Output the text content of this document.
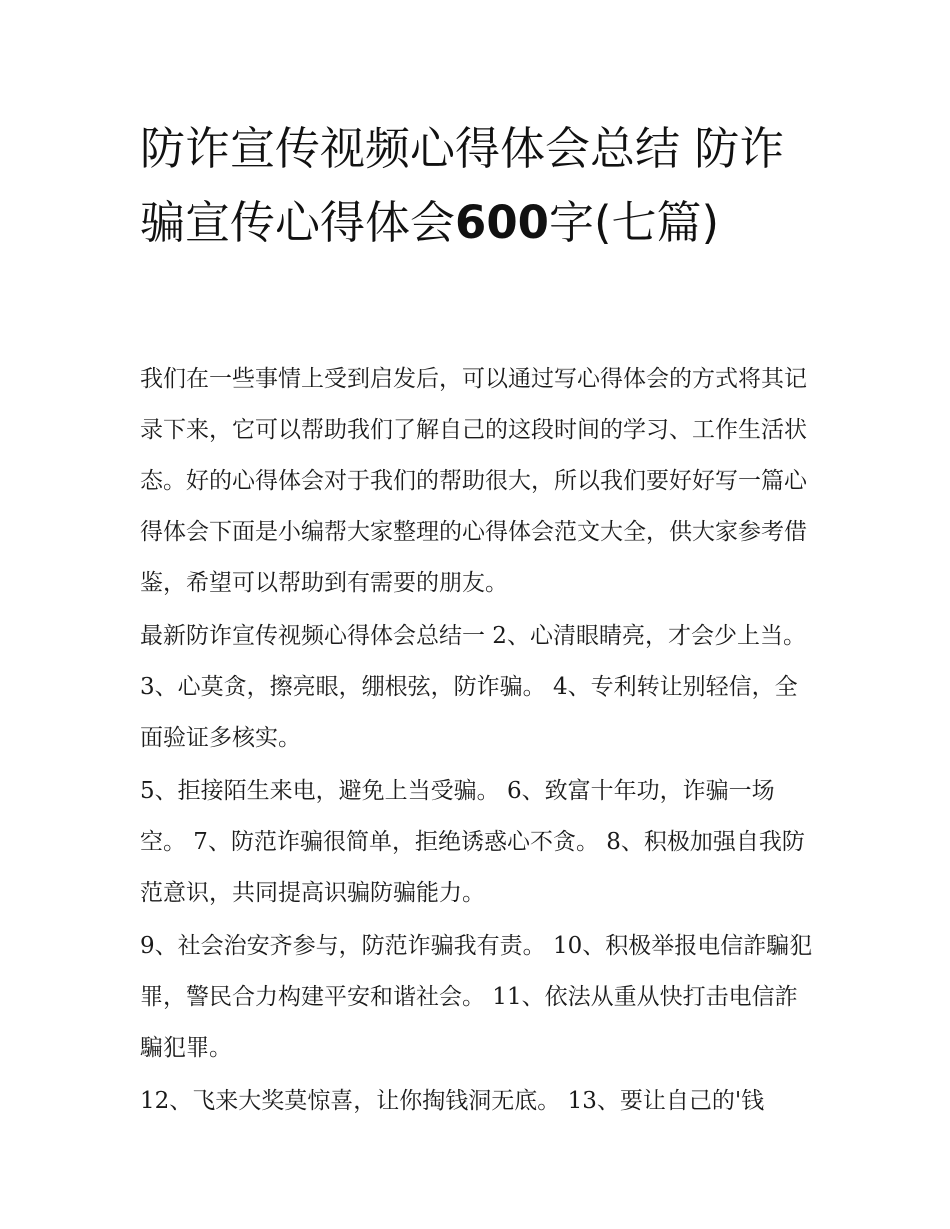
防诈宣传视频心得体会总结 防诈骗宣传心得体会600字(七篇)

我们在一些事情上受到启发后，可以通过写心得体会的方式将其记录下来，它可以帮助我们了解自己的这段时间的学习、工作生活状态。好的心得体会对于我们的帮助很大，所以我们要好好写一篇心得体会下面是小编帮大家整理的心得体会范文大全，供大家参考借鉴，希望可以帮助到有需要的朋友。

最新防诈宣传视频心得体会总结一 2、心清眼睛亮，才会少上当。 3、心莫贪，擦亮眼，绷根弦，防诈骗。 4、专利转让别轻信，全面验证多核实。

5、拒接陌生来电，避免上当受骗。 6、致富十年功，诈骗一场空。 7、防范诈骗很简单，拒绝诱惑心不贪。 8、积极加强自我防范意识，共同提高识骗防骗能力。

9、社会治安齐参与，防范诈骗我有责。 10、积极举报电信詐騙犯罪，警民合力构建平安和谐社会。 11、依法从重从快打击电信詐騙犯罪。

12、飞来大奖莫惊喜，让你掏钱洞无底。 13、要让自己的'钱
